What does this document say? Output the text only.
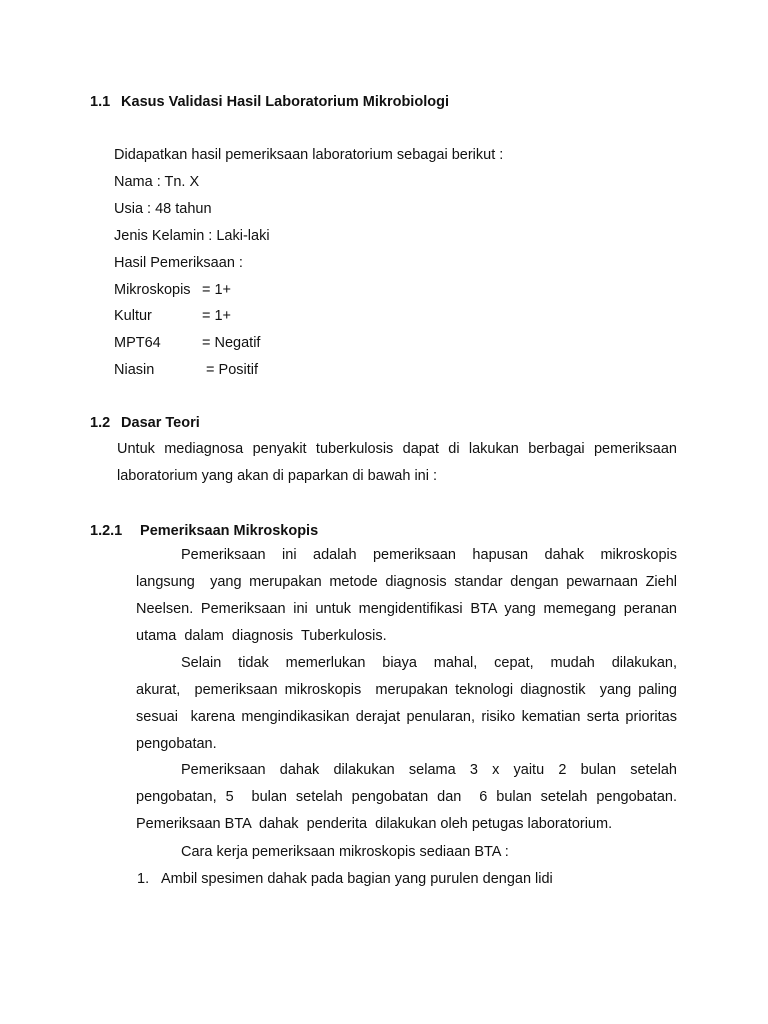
1.1 Kasus Validasi Hasil Laboratorium Mikrobiologi
Didapatkan hasil pemeriksaan laboratorium sebagai berikut :
Nama : Tn. X
Usia : 48 tahun
Jenis Kelamin : Laki-laki
Hasil Pemeriksaan :
Mikroskopis = 1+
Kultur	= 1+
MPT64	= Negatif
Niasin	= Positif
1.2 Dasar Teori
Untuk mediagnosa penyakit tuberkulosis dapat di lakukan berbagai pemeriksaan
laboratorium yang akan di paparkan di bawah ini :
1.2.1 Pemeriksaan Mikroskopis
Pemeriksaan ini adalah pemeriksaan hapusan dahak mikroskopis
langsung  yang merupakan metode diagnosis standar dengan pewarnaan Ziehl
Neelsen. Pemeriksaan ini untuk mengidentifikasi BTA yang memegang peranan
utama  dalam  diagnosis  Tuberkulosis.
Selain tidak memerlukan biaya mahal, cepat, mudah dilakukan,
akurat,  pemeriksaan mikroskopis  merupakan teknologi diagnostik  yang paling
sesuai  karena mengindikasikan derajat penularan, risiko kematian serta prioritas
pengobatan.
Pemeriksaan dahak dilakukan selama 3 x yaitu 2 bulan setelah
pengobatan, 5  bulan setelah pengobatan dan  6 bulan setelah pengobatan.
Pemeriksaan BTA  dahak  penderita  dilakukan oleh petugas laboratorium.
Cara kerja pemeriksaan mikroskopis sediaan BTA :
1. Ambil spesimen dahak pada bagian yang purulen dengan lidi
